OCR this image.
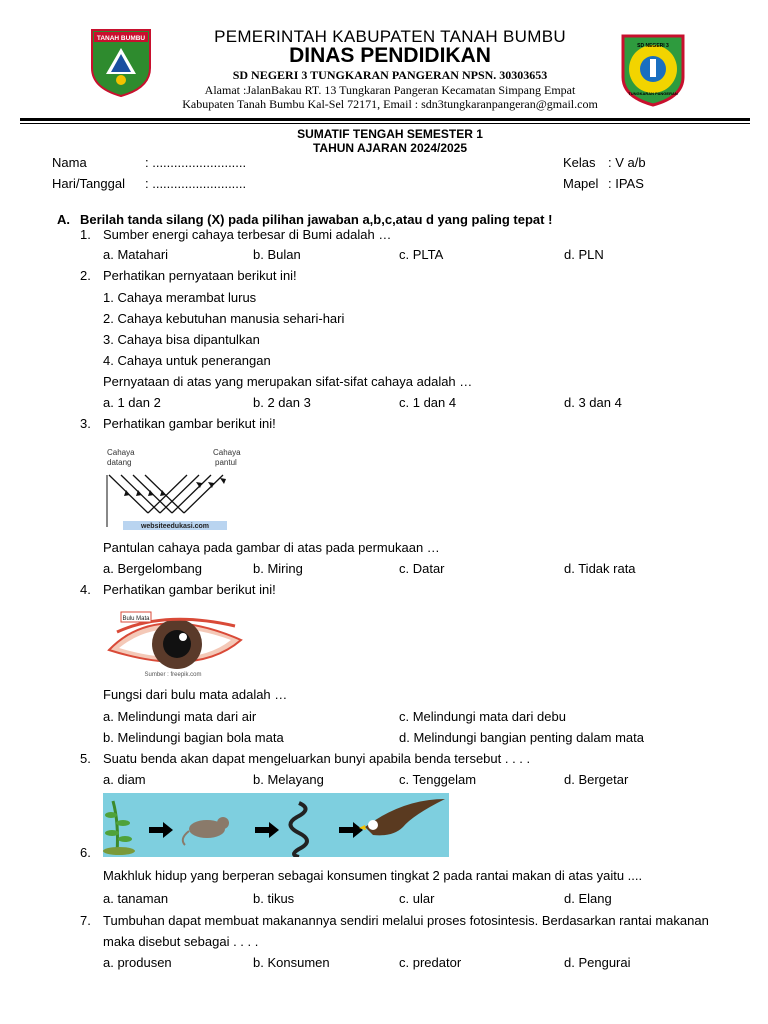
TANAH BUMBU
SD NEGERI 3
TUNGKARAN PANGERAN
PEMERINTAH KABUPATEN TANAH BUMBU
DINAS PENDIDIKAN
SD NEGERI 3 TUNGKARAN PANGERAN NPSN. 30303653
Alamat :JalanBakau RT. 13 Tungkaran Pangeran Kecamatan Simpang Empat
Kabupaten Tanah Bumbu Kal-Sel 72171, Email : sdn3tungkaranpangeran@gmail.com
SUMATIF TENGAH SEMESTER 1
TAHUN AJARAN 2024/2025
Nama	: ..........................
Hari/Tanggal : ..........................
Kelas : V a/b
Mapel : IPAS
A. Berilah tanda silang (X) pada pilihan jawaban a,b,c,atau d yang paling tepat !
1. Sumber energi cahaya terbesar di Bumi adalah …
a. Matahari	b. Bulan	c. PLTA	d. PLN
2. Perhatikan pernyataan berikut ini!
1. Cahaya merambat lurus
2. Cahaya kebutuhan manusia sehari-hari
3. Cahaya bisa dipantulkan
4. Cahaya untuk penerangan
Pernyataan di atas yang merupakan sifat-sifat cahaya adalah …
a. 1 dan 2	b. 2 dan 3	c. 1 dan 4	d. 3 dan 4
3. Perhatikan gambar berikut ini!
Cahaya
datang
Cahaya
pantul
websiteedukasi.com
Pantulan cahaya pada gambar di atas pada permukaan …
a. Bergelombang	b. Miring	c. Datar	d. Tidak rata
4. Perhatikan gambar berikut ini!
Bulu Mata
Sumber : freepik.com
Fungsi dari bulu mata adalah …
a. Melindungi mata dari air	c. Melindungi mata dari debu
b. Melindungi bagian bola mata	d. Melindungi bangian penting dalam mata
5. Suatu benda akan dapat mengeluarkan bunyi apabila benda tersebut . . . .
a. diam	b. Melayang	c. Tenggelam	d. Bergetar
6.
Makhluk hidup yang berperan sebagai konsumen tingkat 2 pada rantai makan di atas yaitu ....
a. tanaman	b. tikus	c. ular	d. Elang
7. Tumbuhan dapat membuat makanannya sendiri melalui proses fotosintesis. Berdasarkan rantai makanan
maka disebut sebagai . . . .
a. produsen	b. Konsumen	c. predator	d. Pengurai
